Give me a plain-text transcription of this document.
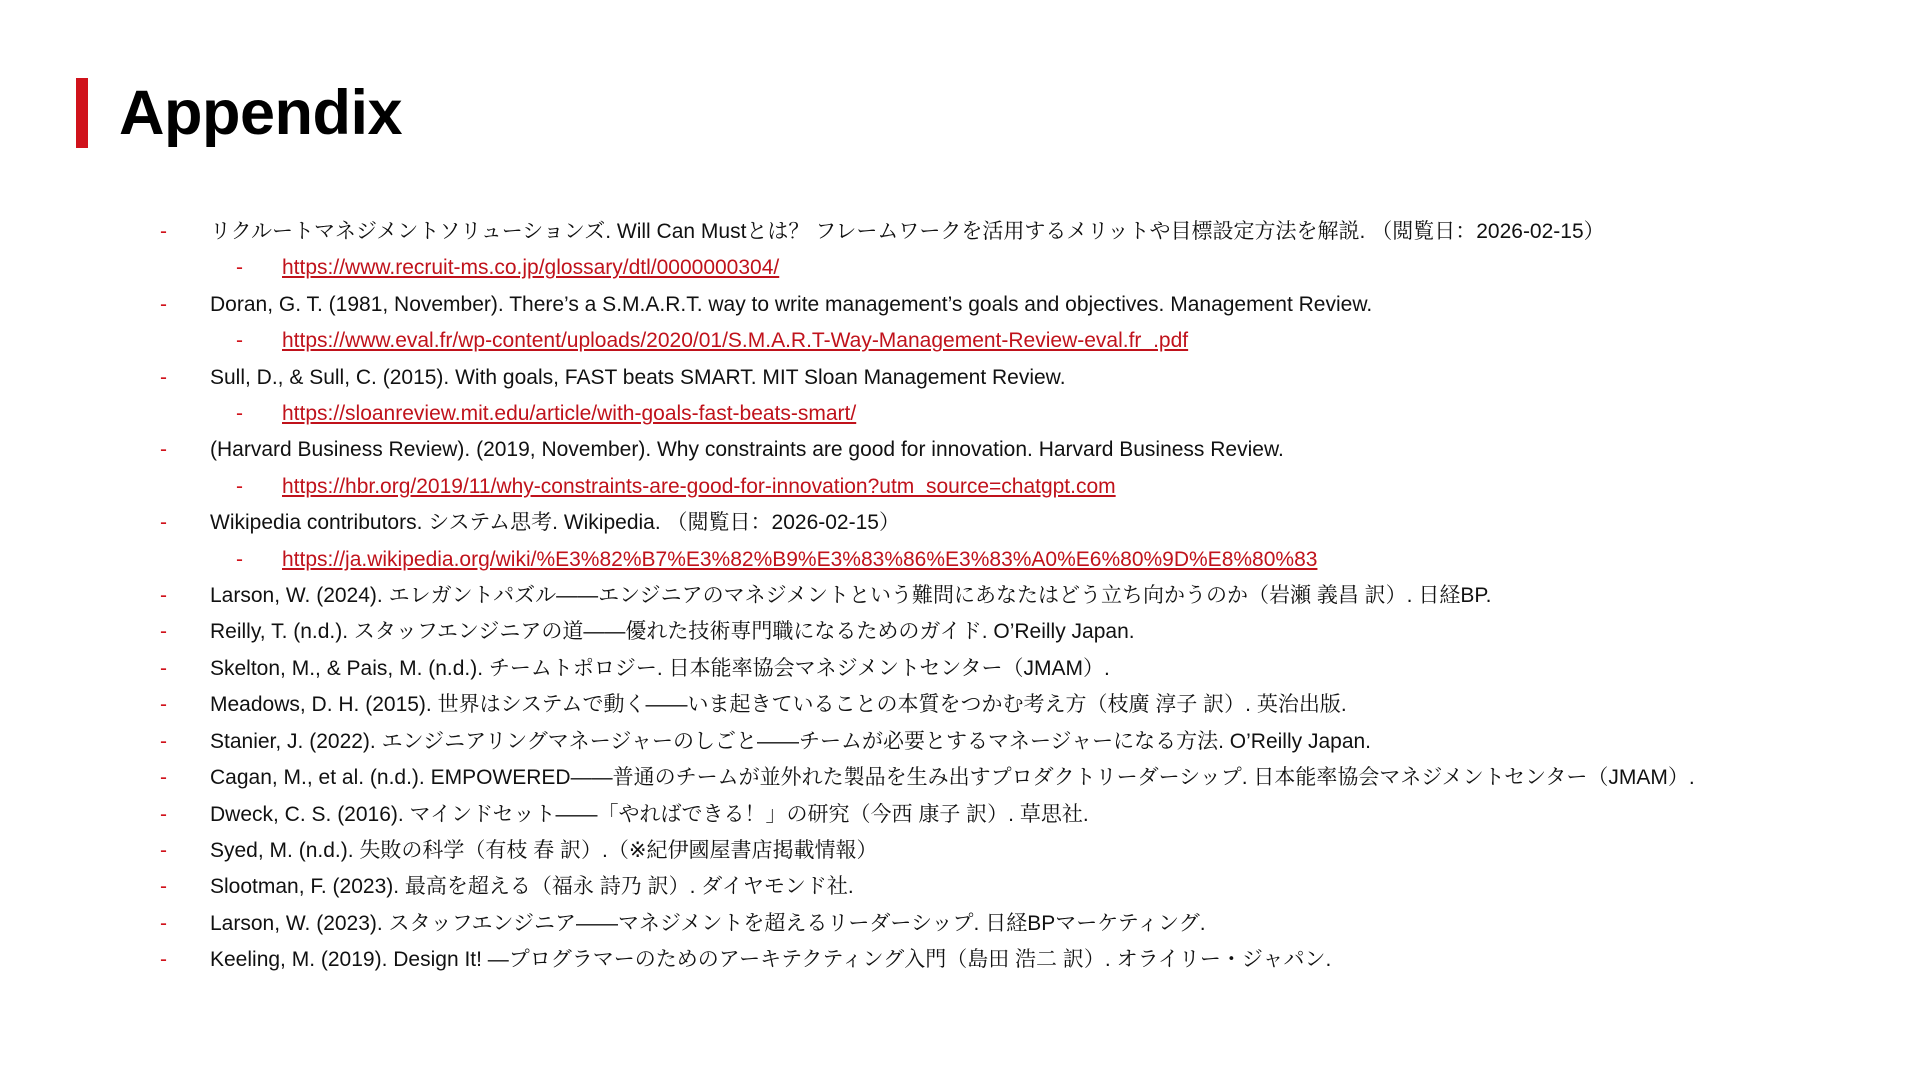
Appendix
- リクルートマネジメントソリューションズ. Will Can Mustとは？ フレームワークを活用するメリットや目標設定方法を解説. （閲覧日：2026-02-15）
- https://www.recruit-ms.co.jp/glossary/dtl/0000000304/
- Doran, G. T. (1981, November). There’s a S.M.A.R.T. way to write management’s goals and objectives. Management Review.
- https://www.eval.fr/wp-content/uploads/2020/01/S.M.A.R.T-Way-Management-Review-eval.fr_.pdf
- Sull, D., & Sull, C. (2015). With goals, FAST beats SMART. MIT Sloan Management Review.
- https://sloanreview.mit.edu/article/with-goals-fast-beats-smart/
- (Harvard Business Review). (2019, November). Why constraints are good for innovation. Harvard Business Review.
- https://hbr.org/2019/11/why-constraints-are-good-for-innovation?utm_source=chatgpt.com
- Wikipedia contributors. システム思考. Wikipedia. （閲覧日：2026-02-15）
- https://ja.wikipedia.org/wiki/%E3%82%B7%E3%82%B9%E3%83%86%E3%83%A0%E6%80%9D%E8%80%83
- Larson, W. (2024). エレガントパズル——エンジニアのマネジメントという難問にあなたはどう立ち向かうのか（岩瀬 義昌 訳）. 日経BP.
- Reilly, T. (n.d.). スタッフエンジニアの道——優れた技術専門職になるためのガイド. O’Reilly Japan.
- Skelton, M., & Pais, M. (n.d.). チームトポロジー. 日本能率協会マネジメントセンター（JMAM）.
- Meadows, D. H. (2015). 世界はシステムで動く——いま起きていることの本質をつかむ考え方（枝廣 淳子 訳）. 英治出版.
- Stanier, J. (2022). エンジニアリングマネージャーのしごと——チームが必要とするマネージャーになる方法. O’Reilly Japan.
- Cagan, M., et al. (n.d.). EMPOWERED——普通のチームが並外れた製品を生み出すプロダクトリーダーシップ. 日本能率協会マネジメントセンター（JMAM）.
- Dweck, C. S. (2016). マインドセット——「やればできる！」の研究（今西 康子 訳）. 草思社.
- Syed, M. (n.d.). 失敗の科学（有枝 春 訳）.（※紀伊國屋書店掲載情報）
- Slootman, F. (2023). 最高を超える（福永 詩乃 訳）. ダイヤモンド社.
- Larson, W. (2023). スタッフエンジニア——マネジメントを超えるリーダーシップ. 日経BPマーケティング.
- Keeling, M. (2019). Design It! —プログラマーのためのアーキテクティング入門（島田 浩二 訳）. オライリー・ジャパン.
